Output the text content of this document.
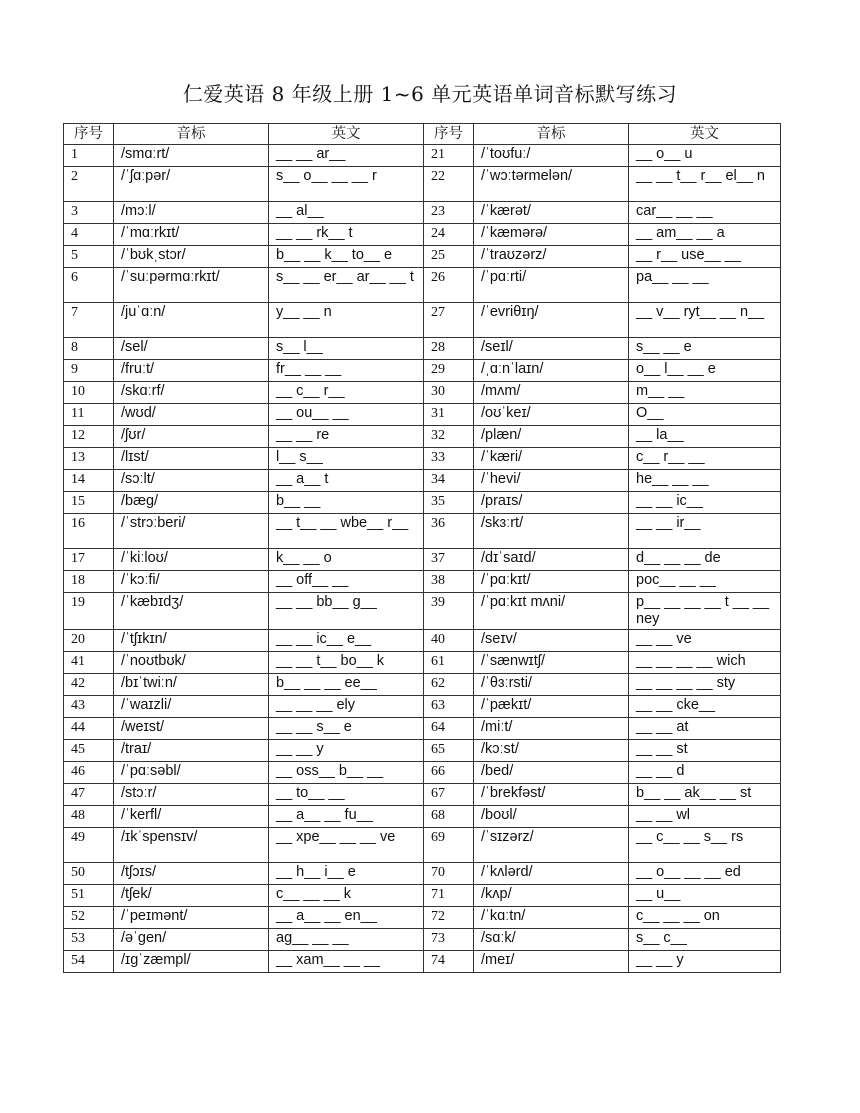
仁爱英语 8 年级上册 1~6 单元英语单词音标默写练习
序号	音标	英文	序号	音标	英文
1	/smɑːrt/	__ __ ar__	21	/ˈtoʊfuː/	__ o__ u
2	/ˈʃɑːpər/	s__ o__ __ __ r	22	/ˈwɔːtərmelən/	__ __ t__ r__ el__ n
3	/mɔːl/	__ al__	23	/ˈkærət/	car__ __ __
4	/ˈmɑːrkɪt/	__ __ rk__ t	24	/ˈkæmərə/	__ am__ __ a
5	/ˈbʊkˌstɔr/	b__ __ k__ to__ e	25	/ˈtraʊzərz/	__ r__ use__ __
6	/ˈsuːpərmɑːrkɪt/	s__ __ er__ ar__ __ t	26	/ˈpɑːrti/	pa__ __ __
7	/juˈɑːn/	y__ __ n	27	/ˈevriθɪŋ/	__ v__ ryt__ __ n__
8	/sel/	s__ l__	28	/seɪl/	s__ __ e
9	/fruːt/	fr__ __ __	29	/ˌɑːnˈlaɪn/	o__ l__ __ e
10	/skɑːrf/	__ c__ r__	30	/mʌm/	m__ __
11	/wʊd/	__ ou__ __	31	/oʊˈkeɪ/	O__
12	/ʃʊr/	__ __ re	32	/plæn/	__ la__
13	/lɪst/	l__ s__	33	/ˈkæri/	c__ r__ __
14	/sɔːlt/	__ a__ t	34	/ˈhevi/	he__ __ __
15	/bæg/	b__ __	35	/praɪs/	__ __ ic__
16	/ˈstrɔːberi/	__ t__ __ wbe__ r__	36	/skɜːrt/	__ __ ir__
17	/ˈkiːloʊ/	k__ __ o	37	/dɪˈsaɪd/	d__ __ __ de
18	/ˈkɔːfi/	__ off__ __	38	/ˈpɑːkɪt/	poc__ __ __
19	/ˈkæbɪdʒ/	__ __ bb__ g__	39	/ˈpɑːkɪt mʌni/	p__ __ __ __ t __ __ ney
20	/ˈtʃɪkɪn/	__ __ ic__ e__	40	/seɪv/	__ __ ve
41	/ˈnoʊtbʊk/	__ __ t__ bo__ k	61	/ˈsænwɪtʃ/	__ __ __ __ wich
42	/bɪˈtwiːn/	b__ __ __ ee__	62	/ˈθɜːrsti/	__ __ __ __ sty
43	/ˈwaɪzli/	__ __ __ ely	63	/ˈpækɪt/	__ __ cke__
44	/weɪst/	__ __ s__ e	64	/miːt/	__ __ at
45	/traɪ/	__ __ y	65	/kɔːst/	__ __ st
46	/ˈpɑːsəbl/	__ oss__ b__ __	66	/bed/	__ __ d
47	/stɔːr/	__ to__ __	67	/ˈbrekfəst/	b__ __ ak__ __ st
48	/ˈkerfl/	__ a__ __ fu__	68	/boʊl/	__ __ wl
49	/ɪkˈspensɪv/	__ xpe__ __ __ ve	69	/ˈsɪzərz/	__ c__ __ s__ rs
50	/tʃɔɪs/	__ h__ i__ e	70	/ˈkʌlərd/	__ o__ __ __ ed
51	/tʃek/	c__ __ __ k	71	/kʌp/	__ u__
52	/ˈpeɪmənt/	__ a__ __ en__	72	/ˈkɑːtn/	c__ __ __ on
53	/əˈgen/	ag__ __ __	73	/sɑːk/	s__ c__
54	/ɪgˈzæmpl/	__ xam__ __ __	74	/meɪ/	__ __ y
